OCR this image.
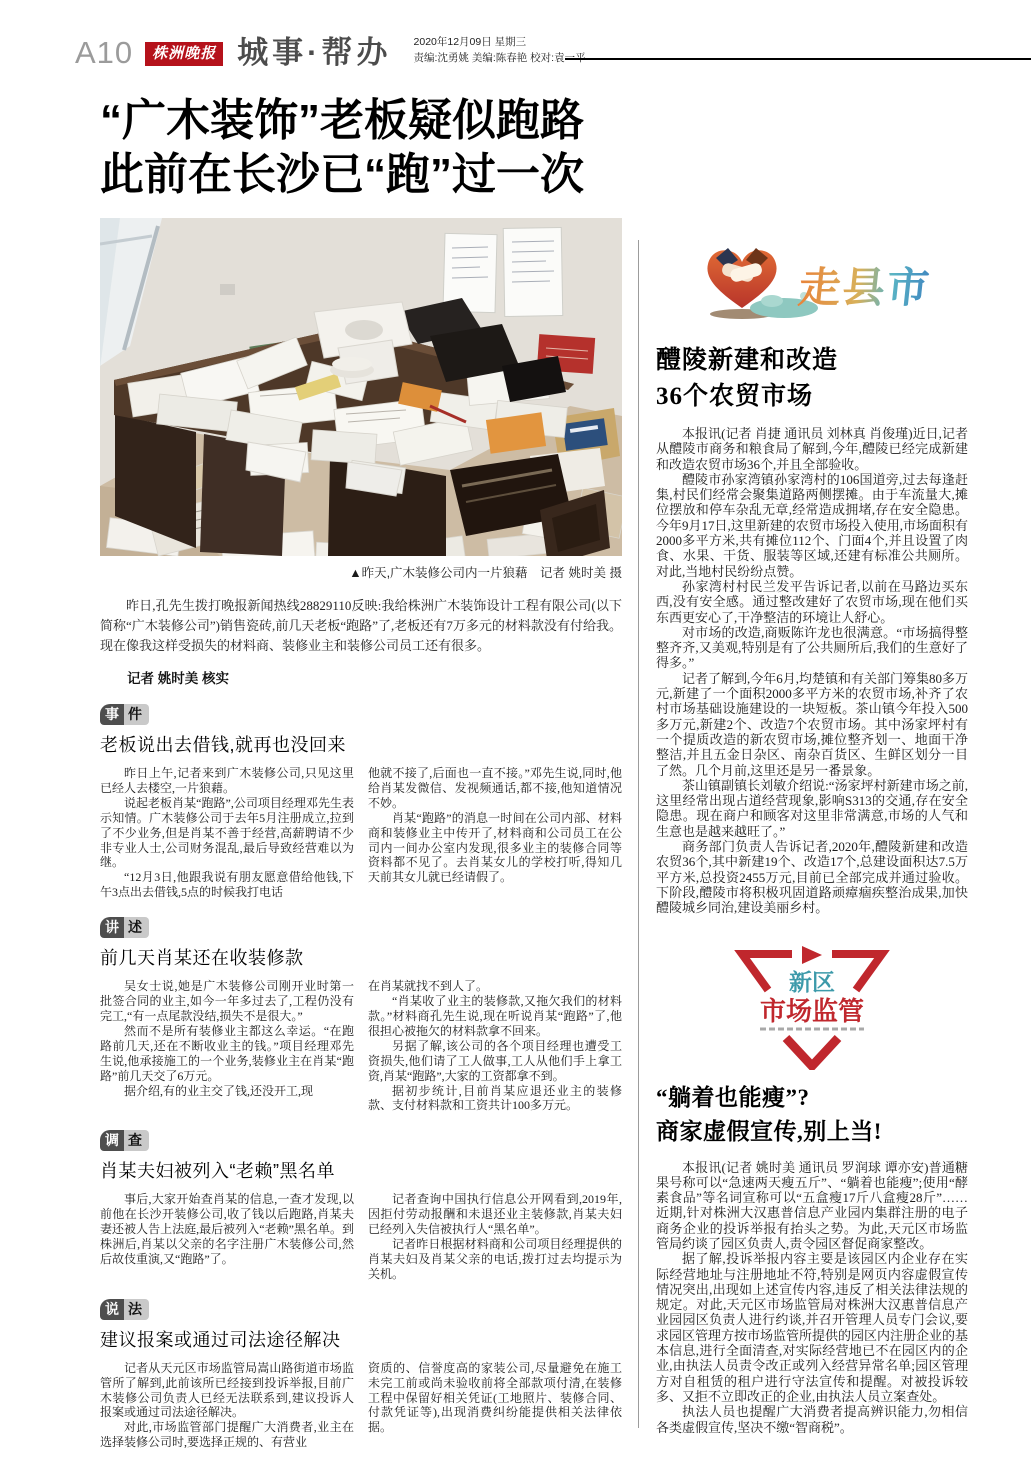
A10	株洲晚报 城事·帮办 2020年12月09日 星期三
责编:沈勇姚 美编:陈春艳 校对:袁一平
“广木装饰”老板疑似跑路
此前在长沙已“跑”过一次
▲昨天,广木装修公司内一片狼藉　记者 姚时美 摄
昨日,孔先生拨打晚报新闻热线28829110反映:我给株洲广木装饰设计工程有限公司(以下简称“广木装修公司”)销售瓷砖,前几天老板“跑路”了,老板还有7万多元的材料款没有付给我。现在像我这样受损失的材料商、装修业主和装修公司员工还有很多。
记者 姚时美 核实
事 件
老板说出去借钱,就再也没回来

昨日上午,记者来到广木装修公司,只见这里已经人去楼空,一片狼藉。

说起老板肖某“跑路”,公司项目经理邓先生表示知情。广木装修公司于去年5月注册成立,拉到了不少业务,但是肖某不善于经营,高薪聘请不少非专业人士,公司财务混乱,最后导致经营难以为继。

“12月3日,他跟我说有朋友愿意借给他钱,下午3点出去借钱,5点的时候我打电话

他就不接了,后面也一直不接。”邓先生说,同时,他给肖某发微信、发视频通话,都不接,他知道情况不妙。

肖某“跑路”的消息一时间在公司内部、材料商和装修业主中传开了,材料商和公司员工在公司内一间办公室内发现,很多业主的装修合同等资料都不见了。去肖某女儿的学校打听,得知几天前其女儿就已经请假了。

讲 述
前几天肖某还在收装修款

吴女士说,她是广木装修公司刚开业时第一批签合同的业主,如今一年多过去了,工程仍没有完工,“有一点尾款没结,损失不是很大。”

然而不是所有装修业主都这么幸运。“在跑路前几天,还在不断收业主的钱。”项目经理邓先生说,他承接施工的一个业务,装修业主在肖某“跑路”前几天交了6万元。

据介绍,有的业主交了钱,还没开工,现

在肖某就找不到人了。

“肖某收了业主的装修款,又拖欠我们的材料款。”材料商孔先生说,现在听说肖某“跑路”了,他很担心被拖欠的材料款拿不回来。

另据了解,该公司的各个项目经理也遭受工资损失,他们请了工人做事,工人从他们手上拿工资,肖某“跑路”,大家的工资都拿不到。

据初步统计,目前肖某应退还业主的装修款、支付材料款和工资共计100多万元。

调 查
肖某夫妇被列入“老赖”黑名单

事后,大家开始查肖某的信息,一查才发现,以前他在长沙开装修公司,收了钱以后跑路,肖某夫妻还被人告上法庭,最后被列入“老赖”黑名单。到株洲后,肖某以父亲的名字注册广木装修公司,然后故伎重演,又“跑路”了。

记者查询中国执行信息公开网看到,2019年,因拒付劳动报酬和未退还业主装修款,肖某夫妇已经列入失信被执行人“黑名单”。

记者昨日根据材料商和公司项目经理提供的肖某夫妇及肖某父亲的电话,拨打过去均提示为关机。

说 法
建议报案或通过司法途径解决

记者从天元区市场监管局嵩山路街道市场监管所了解到,此前该所已经接到投诉举报,目前广木装修公司负责人已经无法联系到,建议投诉人报案或通过司法途径解决。

对此,市场监管部门提醒广大消费者,业主在选择装修公司时,要选择正规的、有营业

资质的、信誉度高的家装公司,尽量避免在施工未完工前或尚未验收前将全部款项付清,在装修工程中保留好相关凭证(工地照片、装修合同、付款凭证等),出现消费纠纷能提供相关法律依据。

走县市
醴陵新建和改造
36个农贸市场

本报讯(记者 肖捷 通讯员 刘林真 肖俊瑾)近日,记者从醴陵市商务和粮食局了解到,今年,醴陵已经完成新建和改造农贸市场36个,并且全部验收。

醴陵市孙家湾镇孙家湾村的106国道旁,过去每逢赶集,村民们经常会聚集道路两侧摆摊。由于车流量大,摊位摆放和停车杂乱无章,经常造成拥堵,存在安全隐患。今年9月17日,这里新建的农贸市场投入使用,市场面积有2000多平方米,共有摊位112个、门面4个,并且设置了肉食、水果、干货、服装等区域,还建有标准公共厕所。对此,当地村民纷纷点赞。

孙家湾村村民兰发平告诉记者,以前在马路边买东西,没有安全感。通过整改建好了农贸市场,现在他们买东西更安心了,干净整洁的环境让人舒心。

对市场的改造,商贩陈许龙也很满意。“市场搞得整整齐齐,又美观,特别是有了公共厕所后,我们的生意好了得多。”

记者了解到,今年6月,均楚镇和有关部门筹集80多万元,新建了一个面积2000多平方米的农贸市场,补齐了农村市场基础设施建设的一块短板。茶山镇今年投入500多万元,新建2个、改造7个农贸市场。其中汤家坪村有一个提质改造的新农贸市场,摊位整齐划一、地面干净整洁,并且五金日杂区、南杂百货区、生鲜区划分一目了然。几个月前,这里还是另一番景象。

茶山镇副镇长刘敏介绍说:“汤家坪村新建市场之前,这里经常出现占道经营现象,影响S313的交通,存在安全隐患。现在商户和顾客对这里非常满意,市场的人气和生意也是越来越旺了。”

商务部门负责人告诉记者,2020年,醴陵新建和改造农贸36个,其中新建19个、改造17个,总建设面积达7.5万平方米,总投资2455万元,目前已全部完成并通过验收。下阶段,醴陵市将积极巩固道路顽瘴痼疾整治成果,加快醴陵城乡同治,建设美丽乡村。

新区
市场监管
“躺着也能瘦”?
商家虚假宣传,别上当!

本报讯(记者 姚时美 通讯员 罗润球 谭亦安)普通糖果号称可以“急速两天瘦五斤”、“躺着也能瘦”;使用“酵素食品”等名词宣称可以“五盒瘦17斤八盒瘦28斤”……近期,针对株洲大汉惠普信息产业园内集群注册的电子商务企业的投诉举报有抬头之势。为此,天元区市场监管局约谈了园区负责人,责令园区督促商家整改。

据了解,投诉举报内容主要是该园区内企业存在实际经营地址与注册地址不符,特别是网页内容虚假宣传情况突出,出现如上述宣传内容,违反了相关法律法规的规定。对此,天元区市场监管局对株洲大汉惠普信息产业园园区负责人进行约谈,并召开管理人员专门会议,要求园区管理方按市场监管所提供的园区内注册企业的基本信息,进行全面清查,对实际经营地已不在园区内的企业,由执法人员责令改正或列入经营异常名单;园区管理方对自租赁的租户进行守法宣传和提醒。对被投诉较多、又拒不立即改正的企业,由执法人员立案查处。

执法人员也提醒广大消费者提高辨识能力,勿相信各类虚假宣传,坚决不缴“智商税”。
